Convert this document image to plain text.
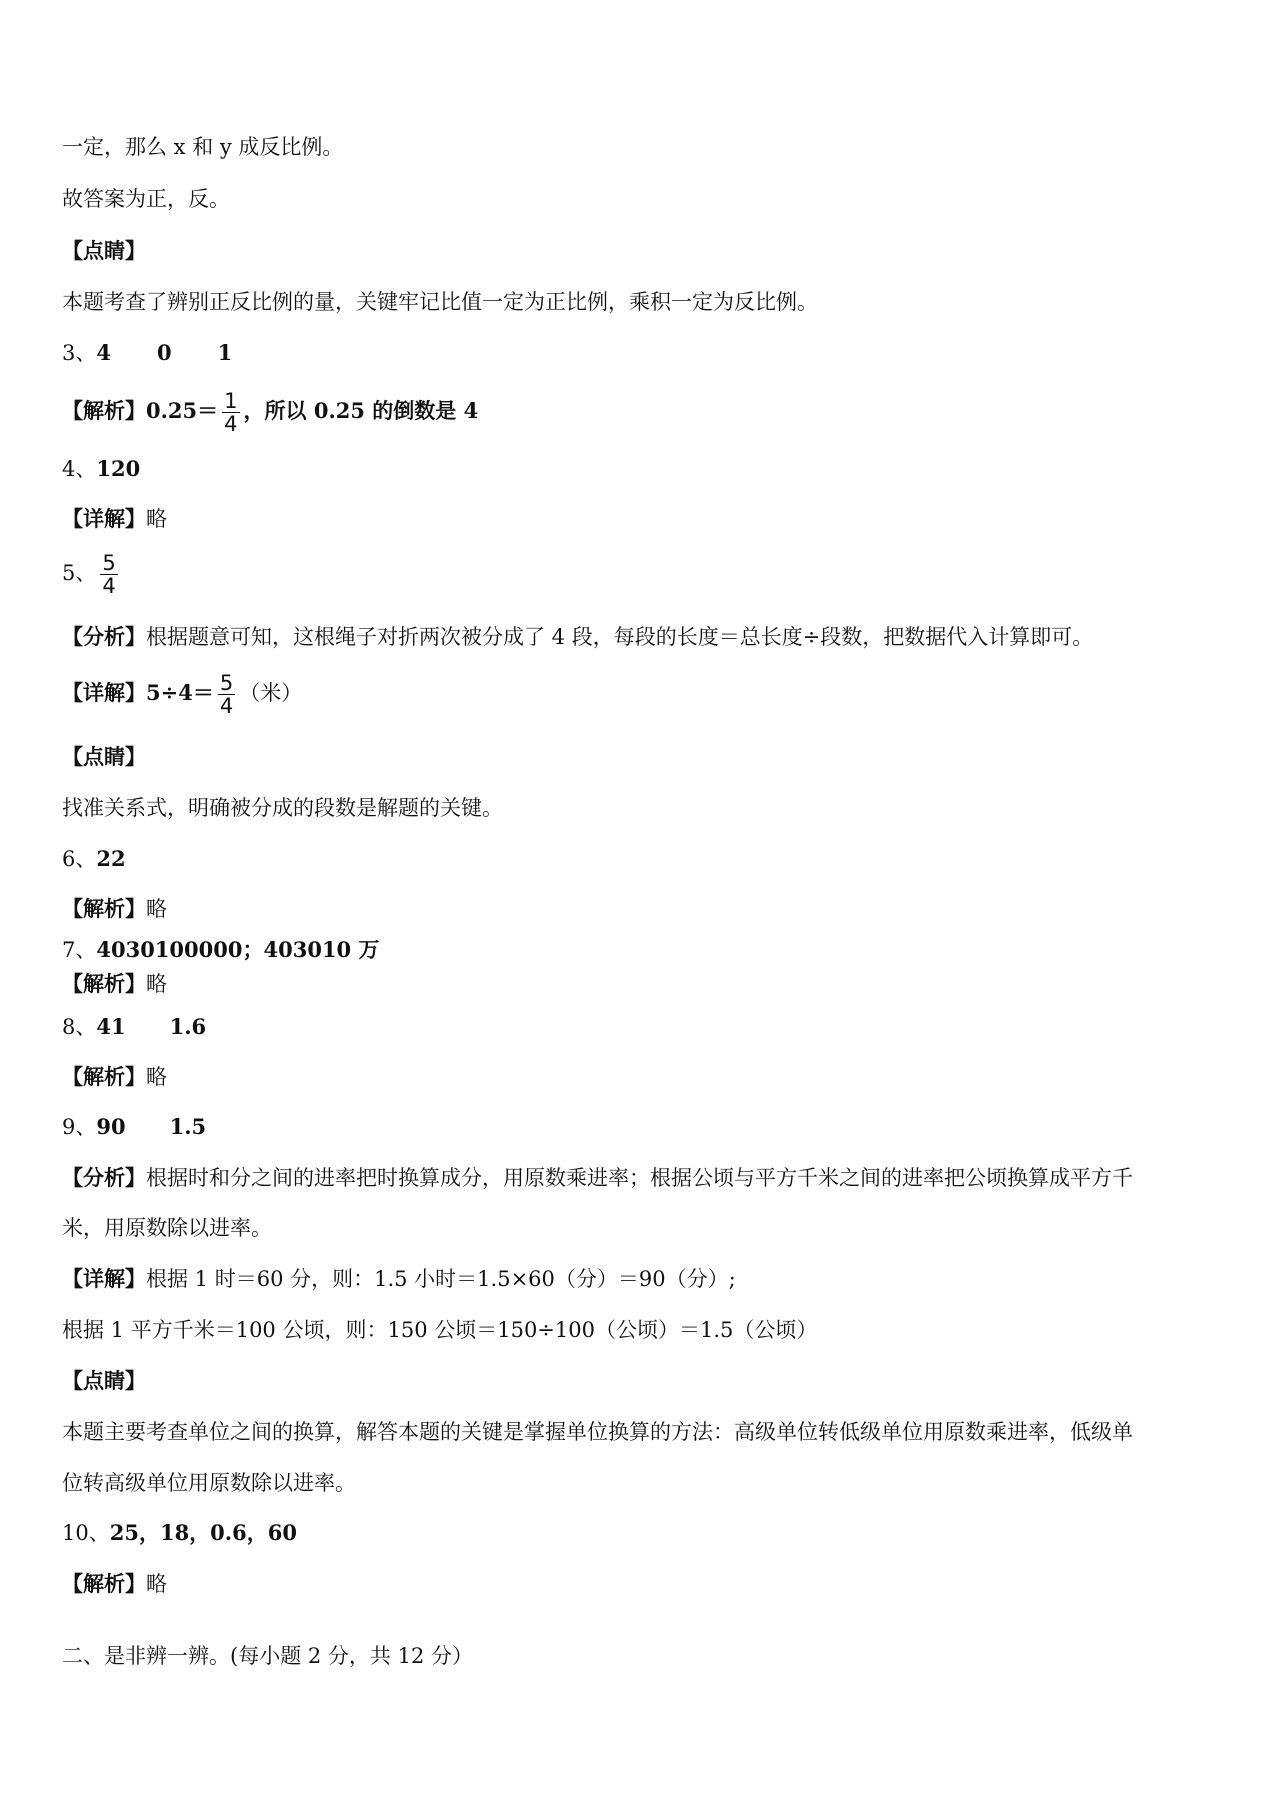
一定，那么 x 和 y 成反比例。
故答案为正，反。
【点睛】
本题考查了辨别正反比例的量，关键牢记比值一定为正比例，乘积一定为反比例。
3、4 0 1
【解析】$0.25= \frac{1}{4}$ ，所以 0.25 的倒数是 4
4、120
【详解】略
5、 $\frac{5}{4}$
【分析】根据题意可知，这根绳子对折两次被分成了 4 段，每段的长度＝总长度÷段数，把数据代入计算即可。
【详解】$5\div 4= \frac{5}{4}$ （米）
【点睛】
找准关系式，明确被分成的段数是解题的关键。
6、22
【解析】略
7、4030100000；403010 万
【解析】略
8、41 1.6
【解析】略
9、90 1.5
【分析】根据时和分之间的进率把时换算成分，用原数乘进率；根据公顷与平方千米之间的进率把公顷换算成平方千
米，用原数除以进率。
【详解】根据 1 时＝60 分，则：1.5 小时＝1.5×60（分）＝90（分）;
根据 1 平方千米＝100 公顷，则：150 公顷＝150÷100（公顷）＝1.5（公顷）
【点睛】
本题主要考查单位之间的换算，解答本题的关键是掌握单位换算的方法：高级单位转低级单位用原数乘进率，低级单
位转高级单位用原数除以进率。
10、25，18，0.6，60
【解析】略
二、是非辨一辨。(每小题 2 分，共 12 分）
